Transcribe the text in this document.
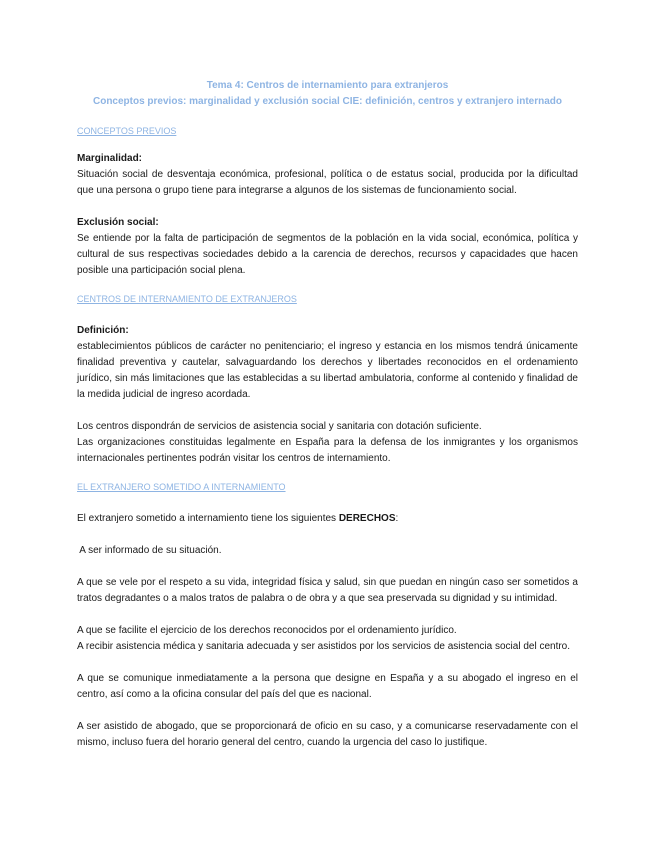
Tema 4: Centros de internamiento para extranjeros

Conceptos previos: marginalidad y exclusión social CIE: definición, centros y extranjero internado

CONCEPTOS PREVIOS

Marginalidad:

Situación social de desventaja económica, profesional, política o de estatus social, producida por la dificultad que una persona o grupo tiene para integrarse a algunos de los sistemas de funcionamiento social.

Exclusión social:

Se entiende por la falta de participación de segmentos de la población en la vida social, económica, política y cultural de sus respectivas sociedades debido a la carencia de derechos, recursos y capacidades que hacen posible una participación social plena.

CENTROS DE INTERNAMIENTO DE EXTRANJEROS

Definición:

establecimientos públicos de carácter no penitenciario; el ingreso y estancia en los mismos tendrá únicamente finalidad preventiva y cautelar, salvaguardando los derechos y libertades reconocidos en el ordenamiento jurídico, sin más limitaciones que las establecidas a su libertad ambulatoria, conforme al contenido y finalidad de la medida judicial de ingreso acordada.

Los centros dispondrán de servicios de asistencia social y sanitaria con dotación suficiente.

Las organizaciones constituidas legalmente en España para la defensa de los inmigrantes y los organismos internacionales pertinentes podrán visitar los centros de internamiento.

EL EXTRANJERO SOMETIDO A INTERNAMIENTO

El extranjero sometido a internamiento tiene los siguientes DERECHOS:

A ser informado de su situación.

A que se vele por el respeto a su vida, integridad física y salud, sin que puedan en ningún caso ser sometidos a tratos degradantes o a malos tratos de palabra o de obra y a que sea preservada su dignidad y su intimidad.

A que se facilite el ejercicio de los derechos reconocidos por el ordenamiento jurídico.

A recibir asistencia médica y sanitaria adecuada y ser asistidos por los servicios de asistencia social del centro.

A que se comunique inmediatamente a la persona que designe en España y a su abogado el ingreso en el centro, así como a la oficina consular del país del que es nacional.

A ser asistido de abogado, que se proporcionará de oficio en su caso, y a comunicarse reservadamente con el mismo, incluso fuera del horario general del centro, cuando la urgencia del caso lo justifique.
